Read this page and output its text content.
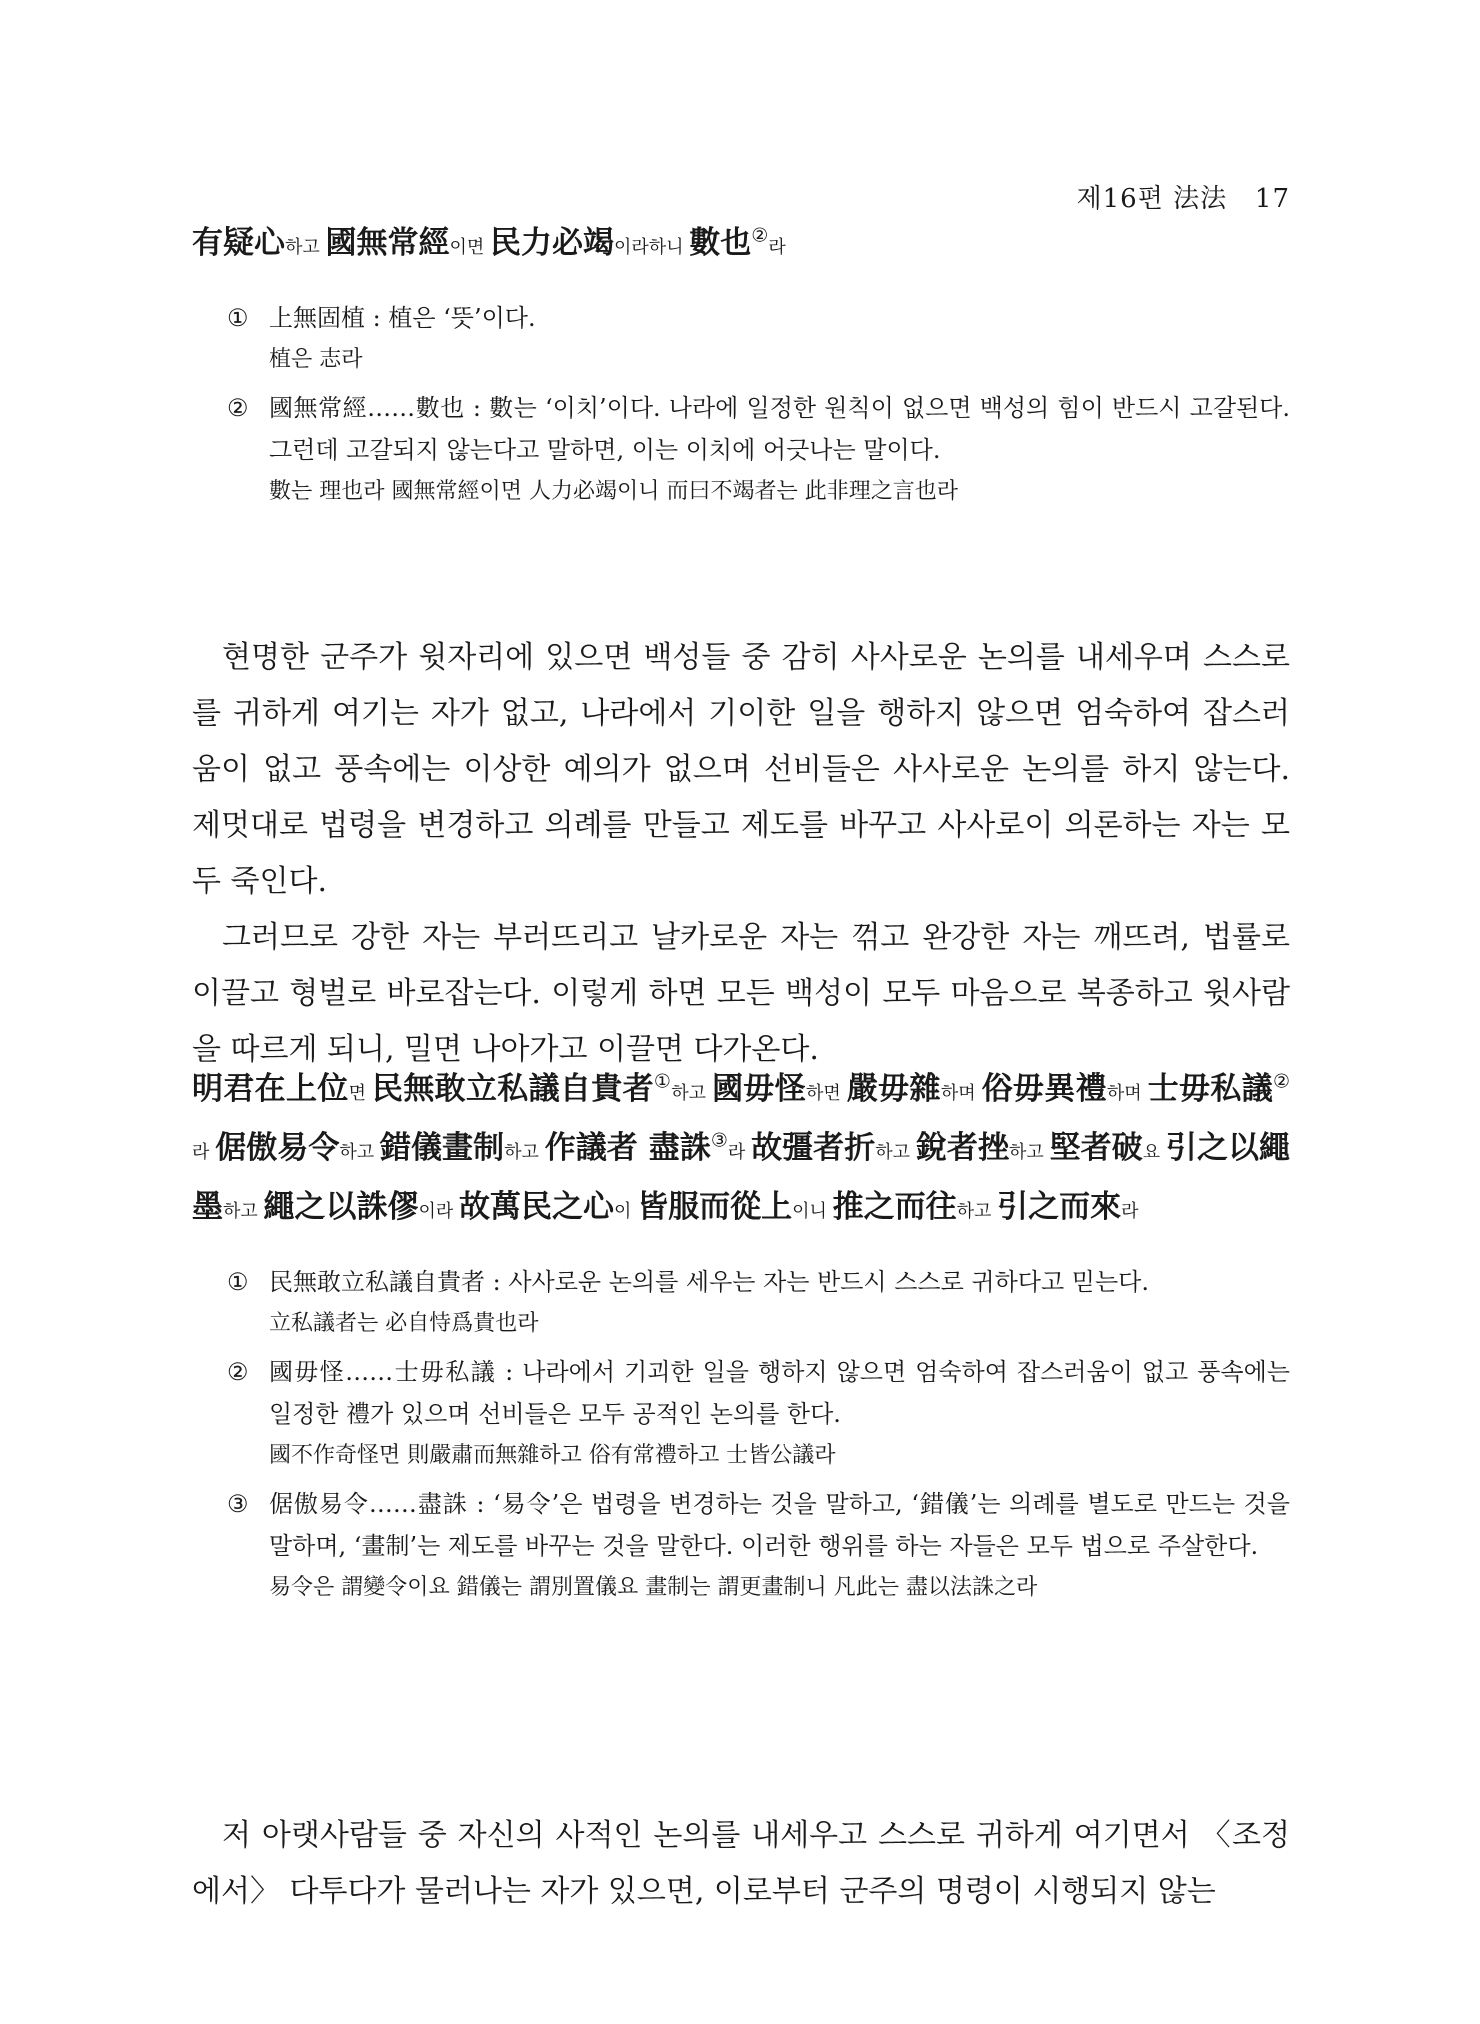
제16편 法法 17

有疑心하고 國無常經이면 民力必竭이라하니 數也②라

① 上無固植 : 植은 ‘뜻’이다.

植은 志라

② 國無常經……數也 : 數는 ‘이치’이다. 나라에 일정한 원칙이 없으면 백성의 힘이 반드시 고갈된다. 그런데 고갈되지 않는다고 말하면, 이는 이치에 어긋나는 말이다.

數는 理也라 國無常經이면 人力必竭이니 而曰不竭者는 此非理之言也라

현명한 군주가 윗자리에 있으면 백성들 중 감히 사사로운 논의를 내세우며 스스로를 귀하게 여기는 자가 없고, 나라에서 기이한 일을 행하지 않으면 엄숙하여 잡스러움이 없고 풍속에는 이상한 예의가 없으며 선비들은 사사로운 논의를 하지 않는다. 제멋대로 법령을 변경하고 의례를 만들고 제도를 바꾸고 사사로이 의론하는 자는 모두 죽인다.

그러므로 강한 자는 부러뜨리고 날카로운 자는 꺾고 완강한 자는 깨뜨려, 법률로 이끌고 형벌로 바로잡는다. 이렇게 하면 모든 백성이 모두 마음으로 복종하고 윗사람을 따르게 되니, 밀면 나아가고 이끌면 다가온다.

明君在上位면 民無敢立私議自貴者①하고 國毋怪하면 嚴毋雜하며 俗毋異禮하며 士毋私議②라 倨傲易令하고 錯儀畫制하고 作議者 盡誅③라 故彊者折하고 銳者挫하고 堅者破요 引之以繩墨하고 繩之以誅僇이라 故萬民之心이 皆服而從上이니 推之而往하고 引之而來라

① 民無敢立私議自貴者 : 사사로운 논의를 세우는 자는 반드시 스스로 귀하다고 믿는다.

立私議者는 必自恃爲貴也라

② 國毋怪……士毋私議 : 나라에서 기괴한 일을 행하지 않으면 엄숙하여 잡스러움이 없고 풍속에는 일정한 禮가 있으며 선비들은 모두 공적인 논의를 한다.

國不作奇怪면 則嚴肅而無雜하고 俗有常禮하고 士皆公議라

③ 倨傲易令……盡誅 : ‘易令’은 법령을 변경하는 것을 말하고, ‘錯儀’는 의례를 별도로 만드는 것을 말하며, ‘畫制’는 제도를 바꾸는 것을 말한다. 이러한 행위를 하는 자들은 모두 법으로 주살한다.

易令은 謂變令이요 錯儀는 謂別置儀요 畫制는 謂更畫制니 凡此는 盡以法誅之라

저 아랫사람들 중 자신의 사적인 논의를 내세우고 스스로 귀하게 여기면서 〈조정에서〉 다투다가 물러나는 자가 있으면, 이로부터 군주의 명령이 시행되지 않는
